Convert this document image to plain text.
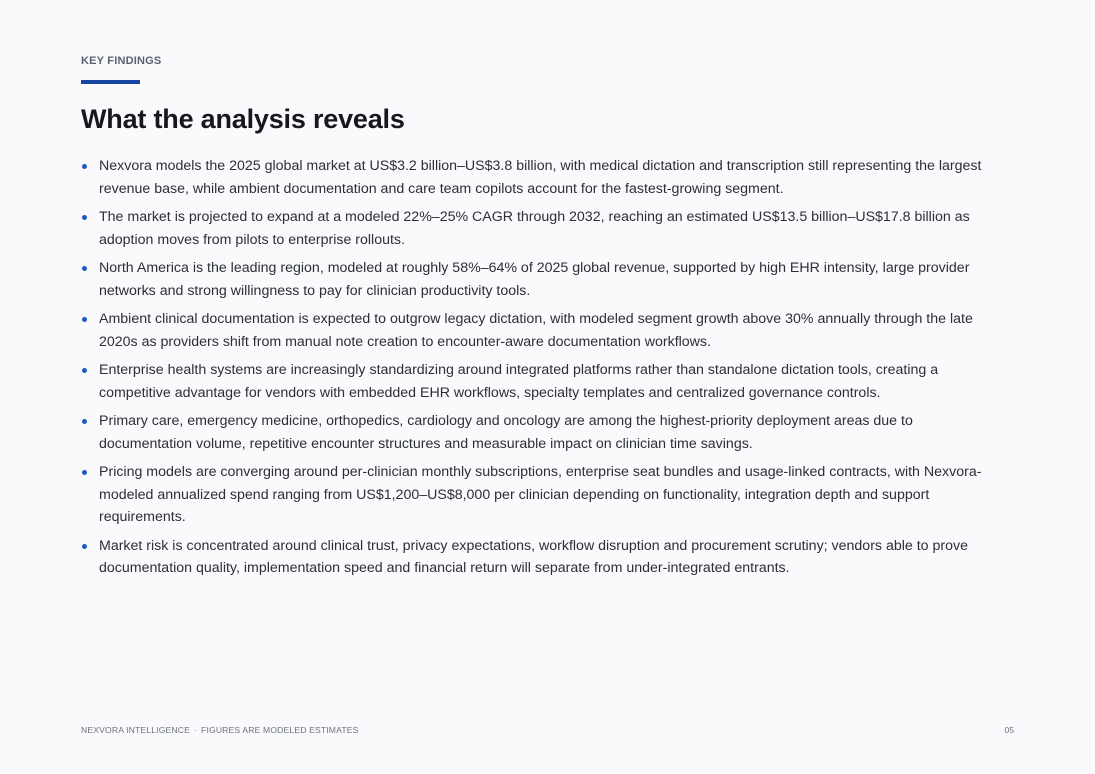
KEY FINDINGS
What the analysis reveals
Nexvora models the 2025 global market at US$3.2 billion–US$3.8 billion, with medical dictation and transcription still representing the largest revenue base, while ambient documentation and care team copilots account for the fastest-growing segment.
The market is projected to expand at a modeled 22%–25% CAGR through 2032, reaching an estimated US$13.5 billion–US$17.8 billion as adoption moves from pilots to enterprise rollouts.
North America is the leading region, modeled at roughly 58%–64% of 2025 global revenue, supported by high EHR intensity, large provider networks and strong willingness to pay for clinician productivity tools.
Ambient clinical documentation is expected to outgrow legacy dictation, with modeled segment growth above 30% annually through the late 2020s as providers shift from manual note creation to encounter-aware documentation workflows.
Enterprise health systems are increasingly standardizing around integrated platforms rather than standalone dictation tools, creating a competitive advantage for vendors with embedded EHR workflows, specialty templates and centralized governance controls.
Primary care, emergency medicine, orthopedics, cardiology and oncology are among the highest-priority deployment areas due to documentation volume, repetitive encounter structures and measurable impact on clinician time savings.
Pricing models are converging around per-clinician monthly subscriptions, enterprise seat bundles and usage-linked contracts, with Nexvora-modeled annualized spend ranging from US$1,200–US$8,000 per clinician depending on functionality, integration depth and support requirements.
Market risk is concentrated around clinical trust, privacy expectations, workflow disruption and procurement scrutiny; vendors able to prove documentation quality, implementation speed and financial return will separate from under-integrated entrants.
NEXVORA INTELLIGENCE · FIGURES ARE MODELED ESTIMATES	05
